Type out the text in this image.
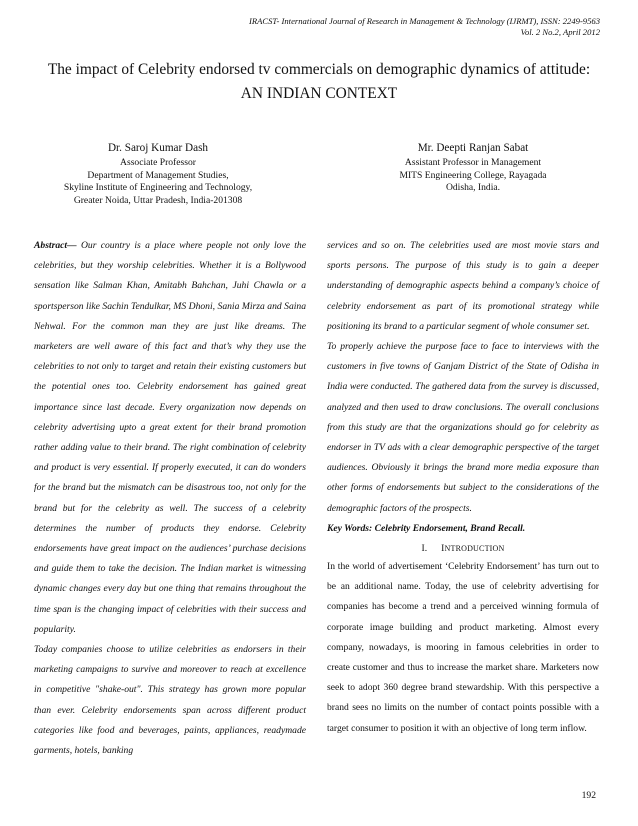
IRACST- International Journal of Research in Management & Technology (IJRMT), ISSN: 2249-9563
Vol. 2 No.2, April 2012
The impact of Celebrity endorsed tv commercials on demographic dynamics of attitude:
AN INDIAN CONTEXT
Dr. Saroj Kumar Dash
Associate Professor
Department of Management Studies,
Skyline Institute of Engineering and Technology,
Greater Noida, Uttar Pradesh, India-201308
Mr. Deepti Ranjan Sabat
Assistant Professor in Management
MITS Engineering College, Rayagada
Odisha, India.

Abstract— Our country is a place where people not only love the celebrities, but they worship celebrities. Whether it is a Bollywood sensation like Salman Khan, Amitabh Bahchan, Juhi Chawla or a sportsperson like Sachin Tendulkar, MS Dhoni, Sania Mirza and Saina Nehwal. For the common man they are just like dreams. The marketers are well aware of this fact and that’s why they use the celebrities to not only to target and retain their existing customers but the potential ones too. Celebrity endorsement has gained great importance since last decade. Every organization now depends on celebrity advertising upto a great extent for their brand promotion rather adding value to their brand. The right combination of celebrity and product is very essential. If properly executed, it can do wonders for the brand but the mismatch can be disastrous too, not only for the brand but for the celebrity as well. The success of a celebrity determines the number of products they endorse. Celebrity endorsements have great impact on the audiences’ purchase decisions and guide them to take the decision. The Indian market is witnessing dynamic changes every day but one thing that remains throughout the time span is the changing impact of celebrities with their success and popularity.

Today companies choose to utilize celebrities as endorsers in their marketing campaigns to survive and moreover to reach at excellence in competitive "shake-out". This strategy has grown more popular than ever. Celebrity endorsements span across different product categories like food and beverages, paints, appliances, readymade garments, hotels, banking

services and so on. The celebrities used are most movie stars and sports persons. The purpose of this study is to gain a deeper understanding of demographic aspects behind a company’s choice of celebrity endorsement as part of its promotional strategy while positioning its brand to a particular segment of whole consumer set.

To properly achieve the purpose face to face to interviews with the customers in five towns of Ganjam District of the State of Odisha in India were conducted. The gathered data from the survey is discussed, analyzed and then used to draw conclusions. The overall conclusions from this study are that the organizations should go for celebrity as endorser in TV ads with a clear demographic perspective of the target audiences. Obviously it brings the brand more media exposure than other forms of endorsements but subject to the considerations of the demographic factors of the prospects.

Key Words: Celebrity Endorsement, Brand Recall.

I. INTRODUCTION

In the world of advertisement ‘Celebrity Endorsement’ has turn out to be an additional name. Today, the use of celebrity advertising for companies has become a trend and a perceived winning formula of corporate image building and product marketing. Almost every company, nowadays, is mooring in famous celebrities in order to create customer and thus to increase the market share. Marketers now seek to adopt 360 degree brand stewardship. With this perspective a brand sees no limits on the number of contact points possible with a target consumer to position it with an objective of long term inflow.

192
